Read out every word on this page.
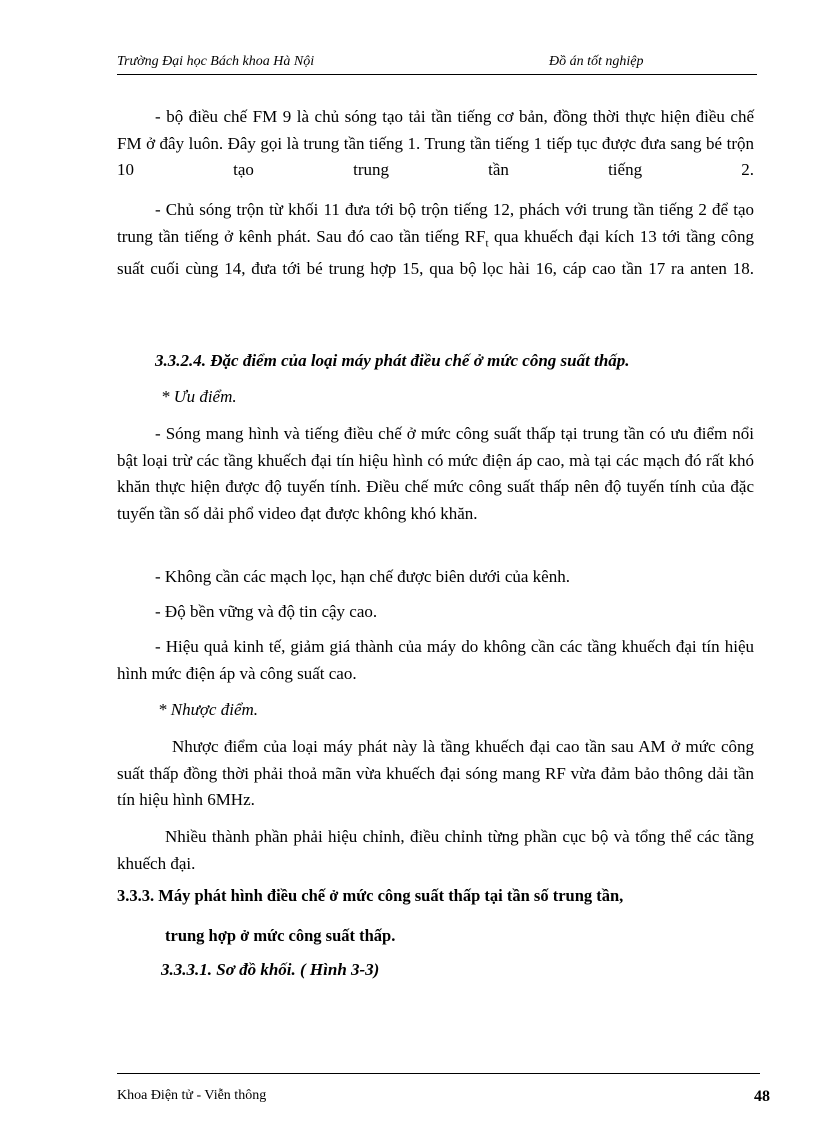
Trường Đại học Bách khoa Hà Nội	Đồ án tốt nghiệp
- bộ điều chế FM 9 là chủ sóng tạo tải tần tiếng cơ bản, đồng thời thực hiện điều chế FM ở đây luôn. Đây gọi là trung tần tiếng 1. Trung tần tiếng 1 tiếp tục được đưa sang bé trộn 10 tạo trung tần tiếng 2.
- Chủ sóng trộn từ khối 11 đưa tới bộ trộn tiếng 12, phách với trung tần tiếng 2 để tạo trung tần tiếng ở kênh phát. Sau đó cao tần tiếng $RF_t$ qua khuếch đại kích 13 tới tầng công suất cuối cùng 14, đưa tới bé trung hợp 15, qua bộ lọc hài 16, cáp cao tần 17 ra anten 18.
3.3.2.4. Đặc điểm của loại máy phát điều chế ở mức công suất thấp.
* Ưu điểm.
- Sóng mang hình và tiếng điều chế ở mức công suất thấp tại trung tần có ưu điểm nổi bật loại trừ các tầng khuếch đại tín hiệu hình có mức điện áp cao, mà tại các mạch đó rất khó khăn thực hiện được độ tuyến tính. Điều chế mức công suất thấp nên độ tuyến tính của đặc tuyến tần số dải phổ video đạt được không khó khăn.
- Không cần các mạch lọc, hạn chế được biên dưới của kênh.
- Độ bền vững và độ tin cậy cao.
- Hiệu quả kinh tế, giảm giá thành của máy do không cần các tầng khuếch đại tín hiệu hình mức điện áp và công suất cao.
* Nhược điểm.
Nhược điểm của loại máy phát này là tầng khuếch đại cao tần sau AM ở mức công suất thấp đồng thời phải thoả mãn vừa khuếch đại sóng mang RF vừa đảm bảo thông dải tần tín hiệu hình 6MHz.
Nhiều thành phần phải hiệu chỉnh, điều chỉnh từng phần cục bộ và tổng thể các tầng khuếch đại.
3.3.3. Máy phát hình điều chế ở mức công suất thấp tại tần số trung tần,
trung hợp ở mức công suất thấp.
3.3.3.1. Sơ đồ khối. ( Hình 3-3)
Khoa Điện tử - Viễn thông	48
